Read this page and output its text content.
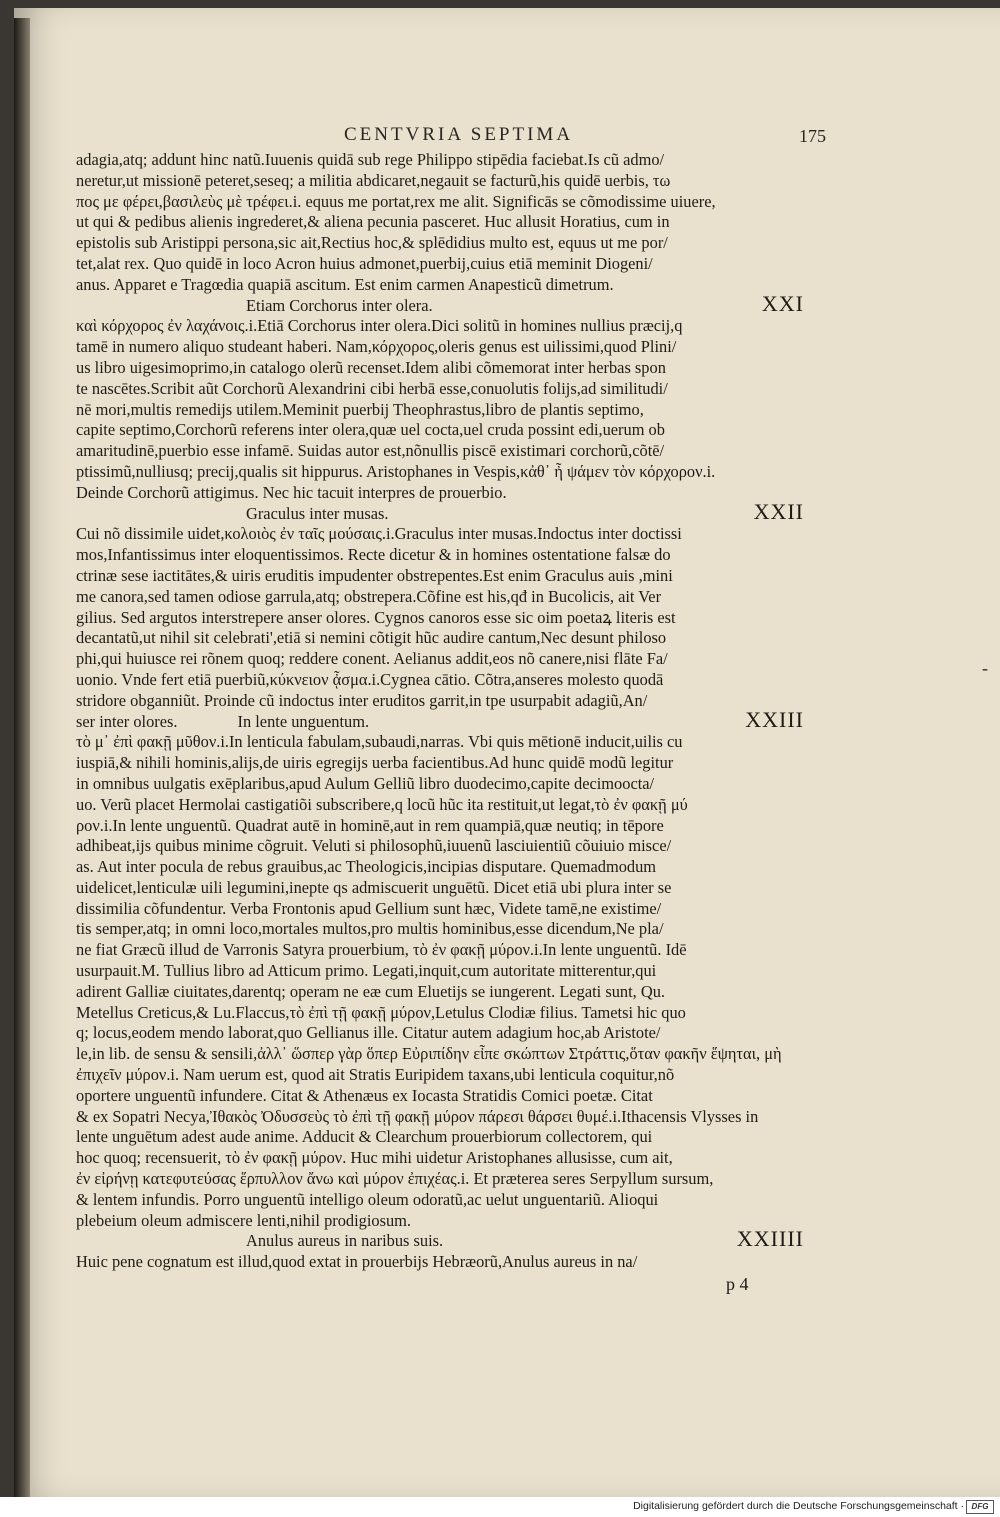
CENTVRIA SEPTIMA	175
adagia,atq; addunt hinc natũ.Iuuenis quidā sub rege Philippo stipēdia faciebat.Is cũ admo/
neretur,ut missionē peteret,seseq; a militia abdicaret,negauit se facturũ,his quidē uerbis, τω
πος με φέρει,βασιλεὺς μὲ τρέφει.i. equus me portat,rex me alit. Significās se cõmodissime uiuere,
ut qui & pedibus alienis ingrederet,& aliena pecunia pasceret. Huc allusit Horatius, cum in
epistolis sub Aristippi persona,sic ait,Rectius hoc,& splēdidius multo est, equus ut me por/
tet,alat rex. Quo quidē in loco Acron huius admonet,puerbij,cuius etiā meminit Diogeni/
anus. Apparet e Tragœdia quapiā ascitum. Est enim carmen Anapesticũ dimetrum.
Etiam Corchorus inter olera.	XXI
καὶ κόρχορος ἐν λαχάνοις.i.Etiā Corchorus inter olera.Dici solitũ in homines nullius præcij,q
tamē in numero aliquo studeant haberi. Nam,κόρχορος,oleris genus est uilissimi,quod Plini/
us libro uigesimoprimo,in catalogo olerũ recenset.Idem alibi cõmemorat inter herbas spon
te nascētes.Scribit aũt Corchorũ Alexandrini cibi herbā esse,conuolutis folijs,ad similitudi/
nē mori,multis remedijs utilem.Meminit puerbij Theophrastus,libro de plantis septimo,
capite septimo,Corchorũ referens inter olera,quæ uel cocta,uel cruda possint edi,uerum ob
amaritudinē,puerbio esse infamē. Suidas autor est,nõnullis piscē existimari corchorũ,cõtē/
ptissimũ,nulliusq; precij,qualis sit hippurus. Aristophanes in Vespis,κἀθ᾽ ἦ ψάμεν τὸν κόρχορον.i.
Deinde Corchorũ attigimus. Nec hic tacuit interpres de prouerbio.
Graculus inter musas.	XXII
Cui nõ dissimile uidet,κολοιὸς ἐν ταῖς μούσαις.i.Graculus inter musas.Indoctus inter doctissi
mos,Infantissimus inter eloquentissimos. Recte dicetur & in homines ostentatione falsæ do
ctrinæ sese iactitātes,& uiris eruditis impudenter obstrepentes.Est enim Graculus auis ,mini
me canora,sed tamen odiose garrula,atq; obstrepera.Cõfine est his,qđ in Bucolicis, ait Ver
gilius. Sed argutos interstrepere anser olores. Cygnos canoros esse sic oim poetaꝝ literis est
decantatũ,ut nihil sit celebrati',etiā si nemini cõtigit hũc audire cantum,Nec desunt philoso
phi,qui huiusce rei rõnem quoq; reddere conent. Aelianus addit,eos nõ canere,nisi flāte Fa/
uonio. Vnde fert etiā puerbiũ,κύκνειον ᾆσμα.i.Cygnea cātio. Cõtra,anseres molesto quodā
stridore obganniũt. Proinde cũ indoctus inter eruditos garrit,in tpe usurpabit adagiũ,An/
ser inter olores.	In lente unguentum.	XXIII
τὸ μ᾽ ἐπὶ φακῇ μῦθον.i.In lenticula fabulam,subaudi,narras. Vbi quis mētionē inducit,uilis cu
iuspiā,& nihili hominis,alijs,de uiris egregijs uerba facientibus.Ad hunc quidē modũ legitur
in omnibus uulgatis exēplaribus,apud Aulum Gelliũ libro duodecimo,capite decimoocta/
uo. Verũ placet Hermolai castigatiõi subscribere,q locũ hũc ita restituit,ut legat,τὸ ἐν φακῇ μύ
ρον.i.In lente unguentũ. Quadrat autē in hominē,aut in rem quampiā,quæ neutiq; in tēpore
adhibeat,ijs quibus minime cõgruit. Veluti si philosophũ,iuuenũ lasciuientiũ cõuiuio misce/
as. Aut inter pocula de rebus grauibus,ac Theologicis,incipias disputare. Quemadmodum
uidelicet,lenticulæ uili legumini,inepte qs admiscuerit unguētũ. Dicet etiā ubi plura inter se
dissimilia cõfundentur. Verba Frontonis apud Gellium sunt hæc, Videte tamē,ne existime/
tis semper,atq; in omni loco,mortales multos,pro multis hominibus,esse dicendum,Ne pla/
ne fiat Græcũ illud de Varronis Satyra prouerbium, τὸ ἐν φακῇ μύρον.i.In lente unguentũ. Idē
usurpauit.M. Tullius libro ad Atticum primo. Legati,inquit,cum autoritate mitterentur,qui
adirent Galliæ ciuitates,darentq; operam ne eæ cum Eluetijs se iungerent. Legati sunt, Qu.
Metellus Creticus,& Lu.Flaccus,τὸ ἐπὶ τῇ φακῇ μύρον,Letulus Clodiæ filius. Tametsi hic quo
q; locus,eodem mendo laborat,quo Gellianus ille. Citatur autem adagium hoc,ab Aristote/
le,in lib. de sensu & sensili,ἀλλ᾽ ὥσπερ γὰρ ὅπερ Εὐριπίδην εἶπε σκώπτων Στράττις,ὅταν φακῆν ἕψηται, μὴ
ἐπιχεῖν μύρον.i. Nam uerum est, quod ait Stratis Euripidem taxans,ubi lenticula coquitur,nõ
oportere unguentũ infundere. Citat & Athenæus ex Iocasta Stratidis Comici poetæ. Citat
& ex Sopatri Necya,Ἰθακὸς Ὀδυσσεὺς τὸ ἐπὶ τῇ φακῇ μύρον πάρεσι θάρσει θυμέ.i.Ithacensis Vlysses in
lente unguētum adest aude anime. Adducit & Clearchum prouerbiorum collectorem, qui
hoc quoq; recensuerit, τὸ ἐν φακῇ μύρον. Huc mihi uidetur Aristophanes allusisse, cum ait,
ἐν εἰρήνῃ κατεφυτεύσας ἕρπυλλον ἄνω καὶ μύρον ἐπιχέας.i. Et præterea seres Serpyllum sursum,
& lentem infundis. Porro unguentũ intelligo oleum odoratũ,ac uelut unguentariũ. Alioqui
plebeium oleum admiscere lenti,nihil prodigiosum.
Anulus aureus in naribus suis.	XXIIII
Huic pene cognatum est illud,quod extat in prouerbijs Hebræorũ,Anulus aureus in na/
-
p 4
Digitalisierung gefördert durch die Deutsche Forschungsgemeinschaft · DFG
